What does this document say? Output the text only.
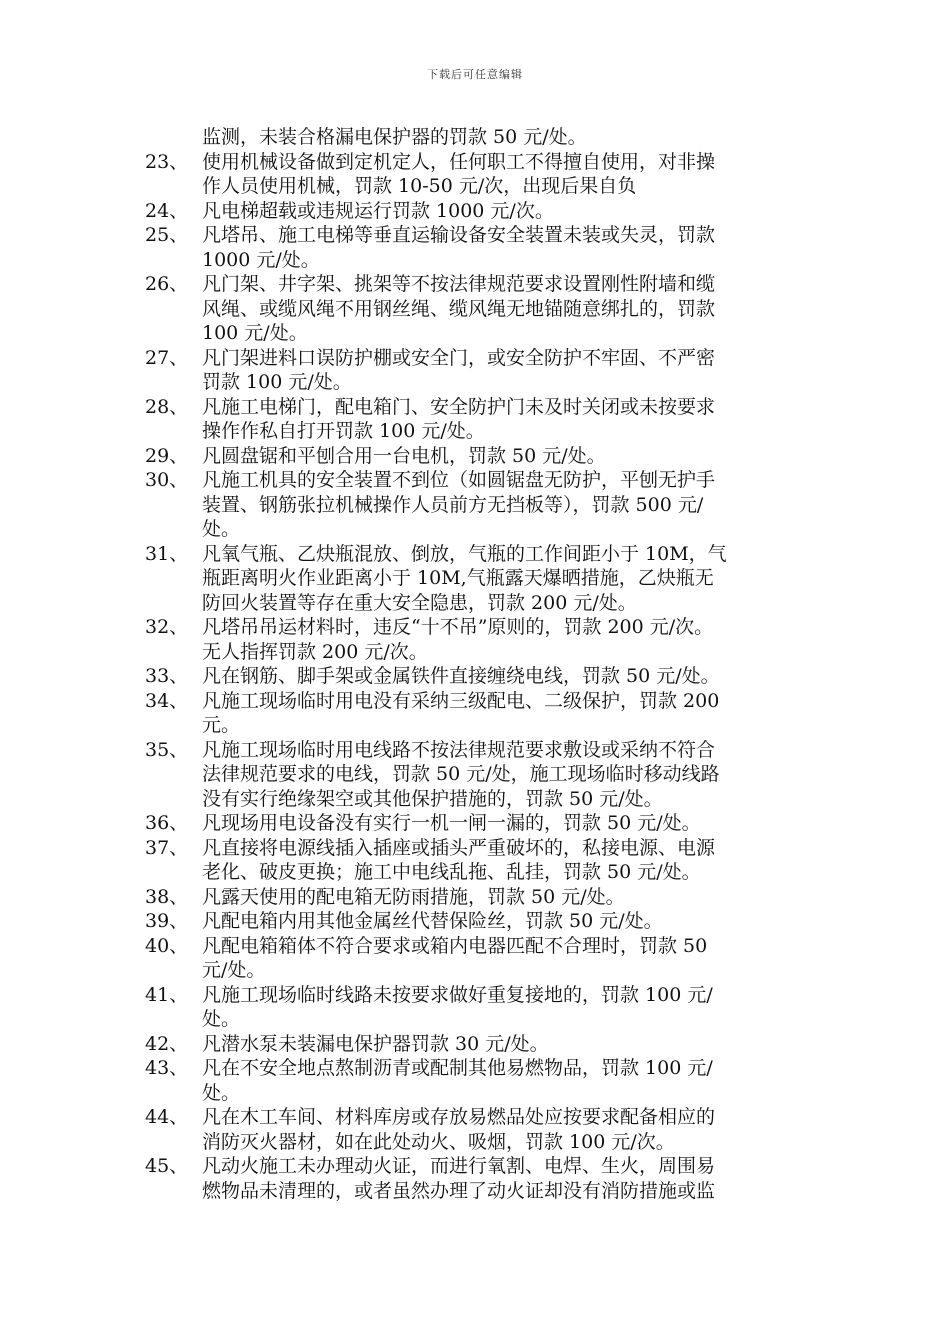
下载后可任意编辑
监测，未装合格漏电保护器的罚款 50 元/处。
23、 使用机械设备做到定机定人，任何职工不得擅自使用，对非操
作人员使用机械，罚款 10-50 元/次，出现后果自负
24、 凡电梯超载或违规运行罚款 1000 元/次。
25、 凡塔吊、施工电梯等垂直运输设备安全装置未装或失灵，罚款
1000 元/处。
26、 凡门架、井字架、挑架等不按法律规范要求设置刚性附墙和缆
风绳、或缆风绳不用钢丝绳、缆风绳无地锚随意绑扎的，罚款
100 元/处。
27、 凡门架进料口误防护棚或安全门，或安全防护不牢固、不严密
罚款 100 元/处。
28、 凡施工电梯门，配电箱门、安全防护门未及时关闭或未按要求
操作作私自打开罚款 100 元/处。
29、 凡圆盘锯和平刨合用一台电机，罚款 50 元/处。
30、 凡施工机具的安全装置不到位（如圆锯盘无防护，平刨无护手
装置、钢筋张拉机械操作人员前方无挡板等），罚款 500 元/
处。
31、 凡氧气瓶、乙炔瓶混放、倒放，气瓶的工作间距小于 10M，气
瓶距离明火作业距离小于 10M,气瓶露天爆晒措施，乙炔瓶无
防回火装置等存在重大安全隐患，罚款 200 元/处。
32、 凡塔吊吊运材料时，违反“十不吊”原则的，罚款 200 元/次。
无人指挥罚款 200 元/次。
33、 凡在钢筋、脚手架或金属铁件直接缠绕电线，罚款 50 元/处。
34、 凡施工现场临时用电没有采纳三级配电、二级保护，罚款 200
元。
35、 凡施工现场临时用电线路不按法律规范要求敷设或采纳不符合
法律规范要求的电线，罚款 50 元/处，施工现场临时移动线路
没有实行绝缘架空或其他保护措施的，罚款 50 元/处。
36、 凡现场用电设备没有实行一机一闸一漏的，罚款 50 元/处。
37、 凡直接将电源线插入插座或插头严重破坏的，私接电源、电源
老化、破皮更换；施工中电线乱拖、乱挂，罚款 50 元/处。
38、 凡露天使用的配电箱无防雨措施，罚款 50 元/处。
39、 凡配电箱内用其他金属丝代替保险丝，罚款 50 元/处。
40、 凡配电箱箱体不符合要求或箱内电器匹配不合理时，罚款 50
元/处。
41、 凡施工现场临时线路未按要求做好重复接地的，罚款 100 元/
处。
42、 凡潜水泵未装漏电保护器罚款 30 元/处。
43、 凡在不安全地点熬制沥青或配制其他易燃物品，罚款 100 元/
处。
44、 凡在木工车间、材料库房或存放易燃品处应按要求配备相应的
消防灭火器材，如在此处动火、吸烟，罚款 100 元/次。
45、 凡动火施工未办理动火证，而进行氧割、电焊、生火，周围易
燃物品未清理的，或者虽然办理了动火证却没有消防措施或监
